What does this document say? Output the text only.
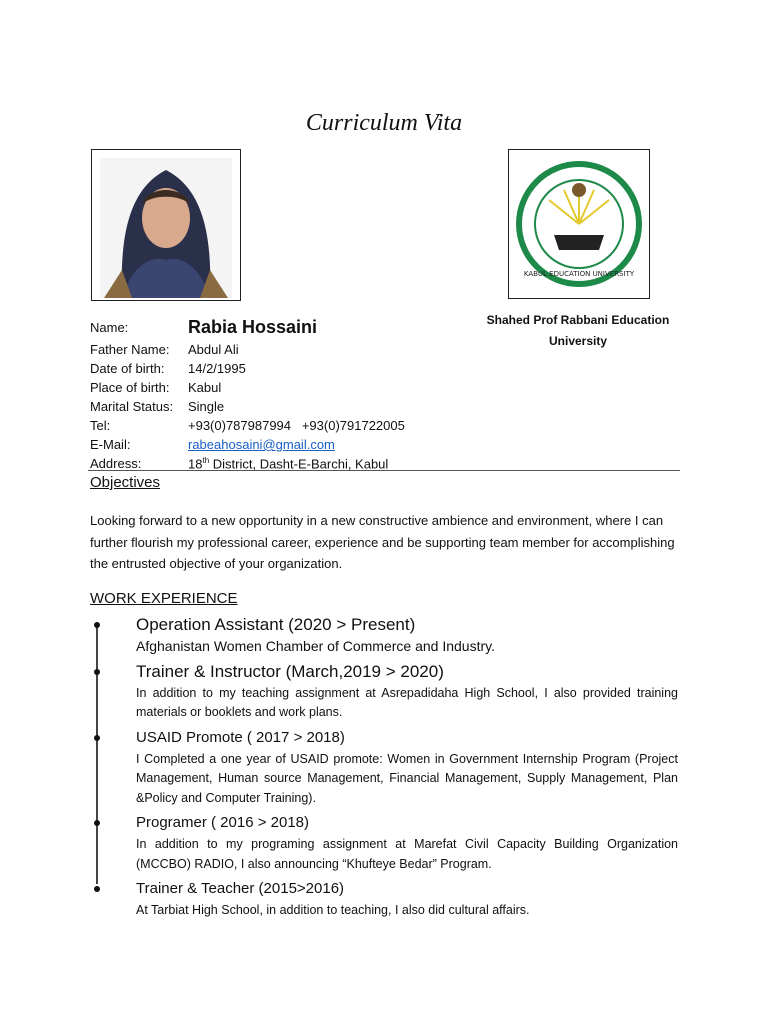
Curriculum Vita
KABUL EDUCATION UNIVERSITY
Shahed Prof Rabbani Education University
Name:	Rabia Hossaini
Father Name:	Abdul Ali
Date of birth:	14/2/1995
Place of birth:	Kabul
Marital Status:	Single
Tel:	+93(0)787987994   +93(0)791722005
E-Mail:	rabeahosaini@gmail.com
Address:	18th District, Dasht-E-Barchi, Kabul
Objectives
Looking forward to a new opportunity in a new constructive ambience and environment, where I can further flourish my professional career, experience and be supporting team member for accomplishing the entrusted objective of your organization.
WORK EXPERIENCE
Operation Assistant (2020 > Present)
Afghanistan Women Chamber of Commerce and Industry.
Trainer & Instructor (March,2019 > 2020)
In addition to my teaching assignment at Asrepadidaha High School, I also provided training materials or booklets and work plans.
USAID Promote ( 2017 > 2018)
I Completed a one year of USAID promote: Women in Government Internship Program (Project Management, Human source Management, Financial Management, Supply Management, Plan &Policy and Computer Training).
Programer ( 2016 > 2018)
In addition to my programing assignment at Marefat Civil Capacity Building Organization (MCCBO) RADIO, I also announcing “Khufteye Bedar” Program.
Trainer & Teacher (2015>2016)
At Tarbiat High School, in addition to teaching, I also did cultural affairs.
